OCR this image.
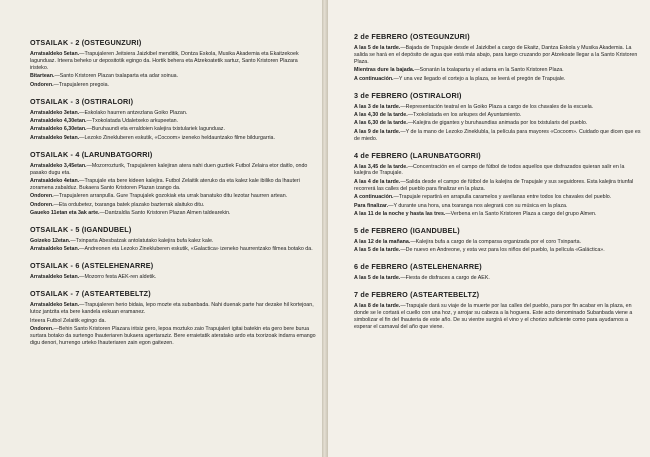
OTSAILAK - 2 (OSTEGUNZURI)
Arratsaldeko 5etan.—Trapujaleren Jeitsiera Jaizkibel menditik, Dontza Eskola, Musika Akademia eta Ekaitzekoek lagunduaz. Irteera beheko ur depositotik egingo da. Hortik behera eta Atzekoatetik sartuz, Santo Kristoren Plazara iristeko.
Bitartean.—Santo Kristoren Plazan txalaparta eta adar soinua.
Ondoren.—Trapujaleren pregoia.
OTSAILAK - 3 (OSTIRALORI)
Arratsaldeko 3etan.—Eskolako haurren antzezlana Goiko Plazan.
Arratsaldeko 4,30etan.—Txokolatada Udaletxeko arkupeetan.
Arratsaldeko 6,30etan.—Buruhaundi eta erraldoien kalejira txistulariek lagunduaz.
Arratsaldeko 9etan.—Lezoko Zinekluberen eskutik, «Cocoom» izeneko heldauntzako filme bildurgarria.
OTSAILAK - 4 (LARUNBATGORRI)
Arratsaldeko 3,45etan.—Mozorrozturik, Trapujaleren kalejiran atera nahi duen guztiek Futbol Zelaira etor daitlo, ondo pasako dugu eta.
Arratsaldeko 4etan.—Trapujale eta bere kideen kalejira. Futbol Zelaitik ateruko da eta kalez kale ibiliko da lhauteri zoramena zabalduz. Bukaera Santo Kristoren Plazan izango da.
Ondoren.—Trapujaleren arranpulla. Gure Trapujalek gozokiak eta urrak banatuko ditu lezotar haurren artean.
Ondoren.—Eta ordubetez, txaranga batek plazako bazterrak alaituko ditu.
Gaueko 11etan eta 3ak arte.—Dantzaldia Santo Kristoren Plazan Almen taldearekin.
OTSAILAK - 5 (IGANDUBEL)
Goizeko 12etan.—Txinparta Abesbatzak antolatutako kalejira bufa kalez kale.
Arratsaldeko 5etan.—Andreonen eta Lezoko Zinekluberen eskutik, «Galactica» izeneko haurrentzako filmea botako da.
OTSAILAK - 6 (ASTELEHENARRE)
Arratsaldeko 5etan.—Mozorro festa AEK-ren aldetik.
OTSAILAK - 7 (ASTEARTEBELTZ)
Arratsaldeko 5etan.—Trapujaleren herio bidaia, lepo mozte eta subanbada. Nahi duenak parte har dezake hil kortejoan, lutoz jantzita eta bere kandela eskuan eramanez.
Irteera Futbol Zelaitik egingo da.
Ondoren.—Behin Santo Kristoren Plazara iritsiz gero, lepoa moztuko zaio Trapujaleri igitai batekin eta gero bere burua surtara botako da surtengo lhauteriaren bukaera agertaraziz. Bere erraietatik ateratako ardo eta txorizoak indarra emango digu denori, hurrengo urteko Ihauteriaren zain egon gaitezen.
2 de FEBRERO (OSTEGUNZURI)
A las 5 de la tarde.—Bajada de Trapujale desde el Jaizkibel a cargo de Ekaitz, Dantza Eskola y Musika Akademia. La salida se hará en el depósito de agua que está más abajo, para luego cruzando por Atzekoate llegar a la Santo Kristoren Plaza.
Mientras dure la bajada.—Sonarán la txalaparta y el adarra en la Santo Kristoren Plaza.
A continuación.—Y una vez llegado el cortejo a la plaza, se leerá el pregón de Trapujale.
3 de FEBRERO (OSTIRALORI)
A las 3 de la tarde.—Representación teatral en la Goiko Plaza a cargo de los chavales de la escuela.
A las 4,30 de la tarde.—Txokolatada en los arkupes del Ayuntamiento.
A las 6,30 de la tarde.—Kalejira de gigantes y buruhaundias animada por los txistularis del pueblo.
A las 9 de la tarde.—Y de la mano de Lezoko Zineklubla, la película para mayores «Cocoom». Cuidado que dicen que es de miedo.
4 de FEBRERO (LARUNBATGORRI)
A las 3,45 de la tarde.—Concentración en el campo de fútbol de todos aquellos que disfrazados quieran salir en la kalejira de Trapujale.
A las 4 de la tarde.—Salida desde el campo de fútbol de la kalejira de Trapujale y sus seguidores. Esta kalejira triunfal recorrerá las calles del pueblo para finalizar en la plaza.
A continuación.—Trapujale repartirá en arrapulla caramelos y avellanas entre todos los chavales del pueblo.
Para finalizar.—Y durante una hora, una txaranga nos alegrará con su música en la plaza.
A las 11 de la noche y hasta las tres.—Verbena en la Santo Kristoren Plaza a cargo del grupo Almen.
5 de FEBRERO (IGANDUBEL)
A las 12 de la mañana.—Kalejira bufa a cargo de la comparsa organizada por el coro Txinparta.
A las 5 de la tarde.—De nuevo en Andreone, y esta vez para los niños del pueblo, la película «Galáctica».
6 de FEBRERO (ASTELEHENARRE)
A las 5 de la tarde.—Fiesta de disfraces a cargo de AEK.
7 de FEBRERO (ASTEARTEBELTZ)
A las 8 de la tarde.—Trapujale dará su viaje de la muerte por las calles del pueblo, para por fin acabar en la plaza, en donde se le cortará el cuello con una hoz, y arrojar su cabeza a la hoguera. Este acto denominado Subanbada viene a simbolizar el fin del Ihauteria de este año. De su vientre surgirá el vino y el chorizo suficiente como para ayudarnos a esperar el carnaval del año que viene.
